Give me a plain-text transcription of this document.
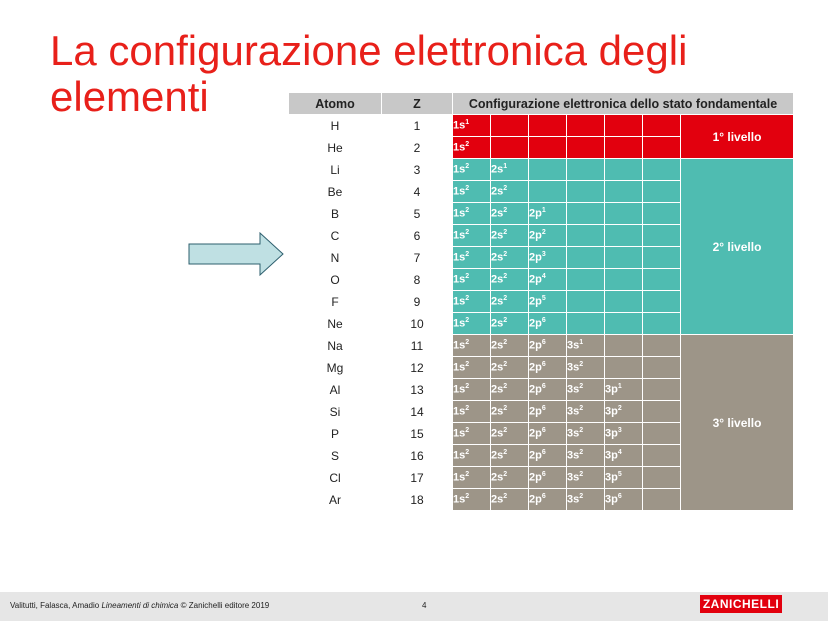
La configurazione elettronica degli elementi	Atomo	Z	Configurazione elettronica dello stato fondamentale						
H	1	$1s^1$						1° livello
He	2	$1s^2$					
Li	3	$1s^2$	$2s^1$					2° livello
Be	4	$1s^2$	$2s^2$				
B	5	$1s^2$	$2s^2$	$2p^1$			
C	6	$1s^2$	$2s^2$	$2p^2$			
N	7	$1s^2$	$2s^2$	$2p^3$			
O	8	$1s^2$	$2s^2$	$2p^4$			
F	9	$1s^2$	$2s^2$	$2p^5$			
Ne	10	$1s^2$	$2s^2$	$2p^6$			
Na	11	$1s^2$	$2s^2$	$2p^6$	$3s^1$			3° livello
Mg	12	$1s^2$	$2s^2$	$2p^6$	$3s^2$		
Al	13	$1s^2$	$2s^2$	$2p^6$	$3s^2$	$3p^1$	
Si	14	$1s^2$	$2s^2$	$2p^6$	$3s^2$	$3p^2$	
P	15	$1s^2$	$2s^2$	$2p^6$	$3s^2$	$3p^3$	
S	16	$1s^2$	$2s^2$	$2p^6$	$3s^2$	$3p^4$	
Cl	17	$1s^2$	$2s^2$	$2p^6$	$3s^2$	$3p^5$	
Ar	18	$1s^2$	$2s^2$	$2p^6$	$3s^2$	$3p^6$	
Valitutti, Falasca, Amadio Lineamenti di chimica © Zanichelli editore 2019	4	ZANICHELLI
